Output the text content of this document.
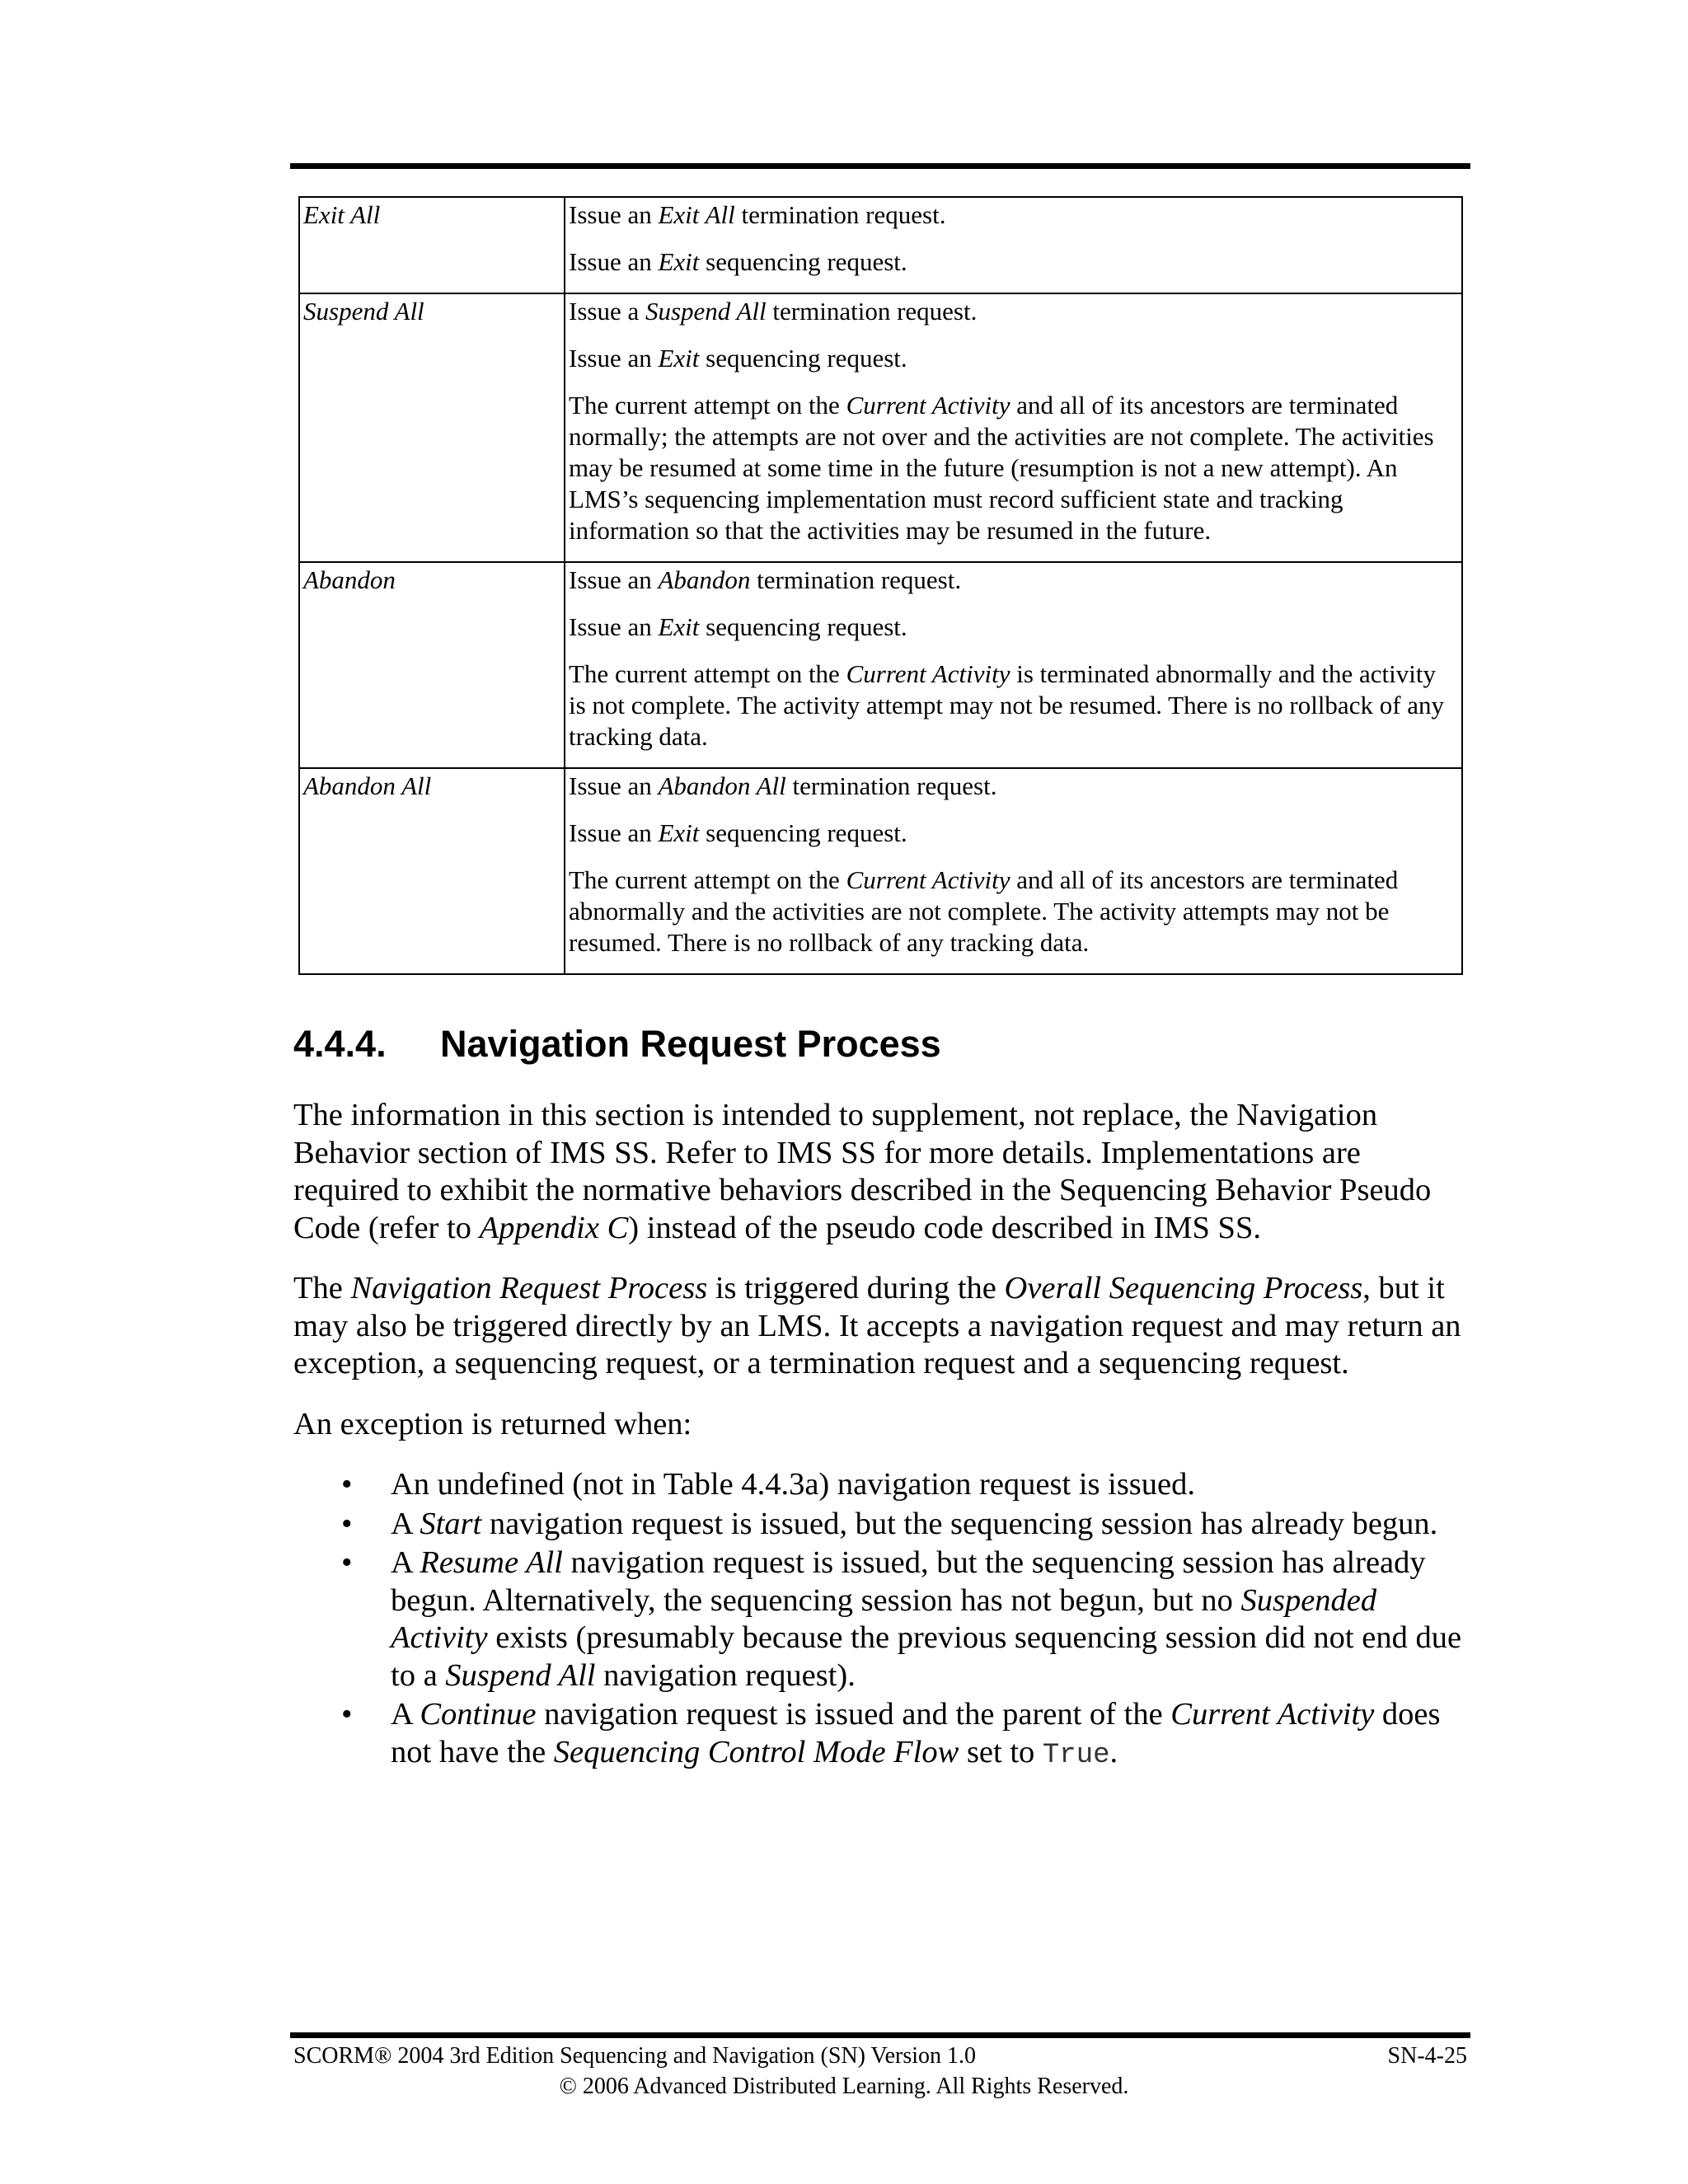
Exit All	Issue an Exit All termination request.

Issue an Exit sequencing request.

Suspend All	Issue a Suspend All termination request.

Issue an Exit sequencing request.

The current attempt on the Current Activity and all of its ancestors are terminated normally; the attempts are not over and the activities are not complete. The activities may be resumed at some time in the future (resumption is not a new attempt). An LMS’s sequencing implementation must record sufficient state and tracking information so that the activities may be resumed in the future.

Abandon	Issue an Abandon termination request.

Issue an Exit sequencing request.

The current attempt on the Current Activity is terminated abnormally and the activity is not complete. The activity attempt may not be resumed. There is no rollback of any tracking data.

Abandon All	Issue an Abandon All termination request.

Issue an Exit sequencing request.

The current attempt on the Current Activity and all of its ancestors are terminated abnormally and the activities are not complete. The activity attempts may not be resumed. There is no rollback of any tracking data.

4.4.4. Navigation Request Process

The information in this section is intended to supplement, not replace, the Navigation Behavior section of IMS SS. Refer to IMS SS for more details. Implementations are required to exhibit the normative behaviors described in the Sequencing Behavior Pseudo Code (refer to Appendix C) instead of the pseudo code described in IMS SS.

The Navigation Request Process is triggered during the Overall Sequencing Process, but it may also be triggered directly by an LMS. It accepts a navigation request and may return an exception, a sequencing request, or a termination request and a sequencing request.

An exception is returned when:

• An undefined (not in Table 4.4.3a) navigation request is issued.
• A Start navigation request is issued, but the sequencing session has already begun.
• A Resume All navigation request is issued, but the sequencing session has already begun. Alternatively, the sequencing session has not begun, but no Suspended Activity exists (presumably because the previous sequencing session did not end due to a Suspend All navigation request).
• A Continue navigation request is issued and the parent of the Current Activity does not have the Sequencing Control Mode Flow set to True.
SCORM® 2004 3rd Edition Sequencing and Navigation (SN) Version 1.0	SN-4-25
© 2006 Advanced Distributed Learning. All Rights Reserved.
